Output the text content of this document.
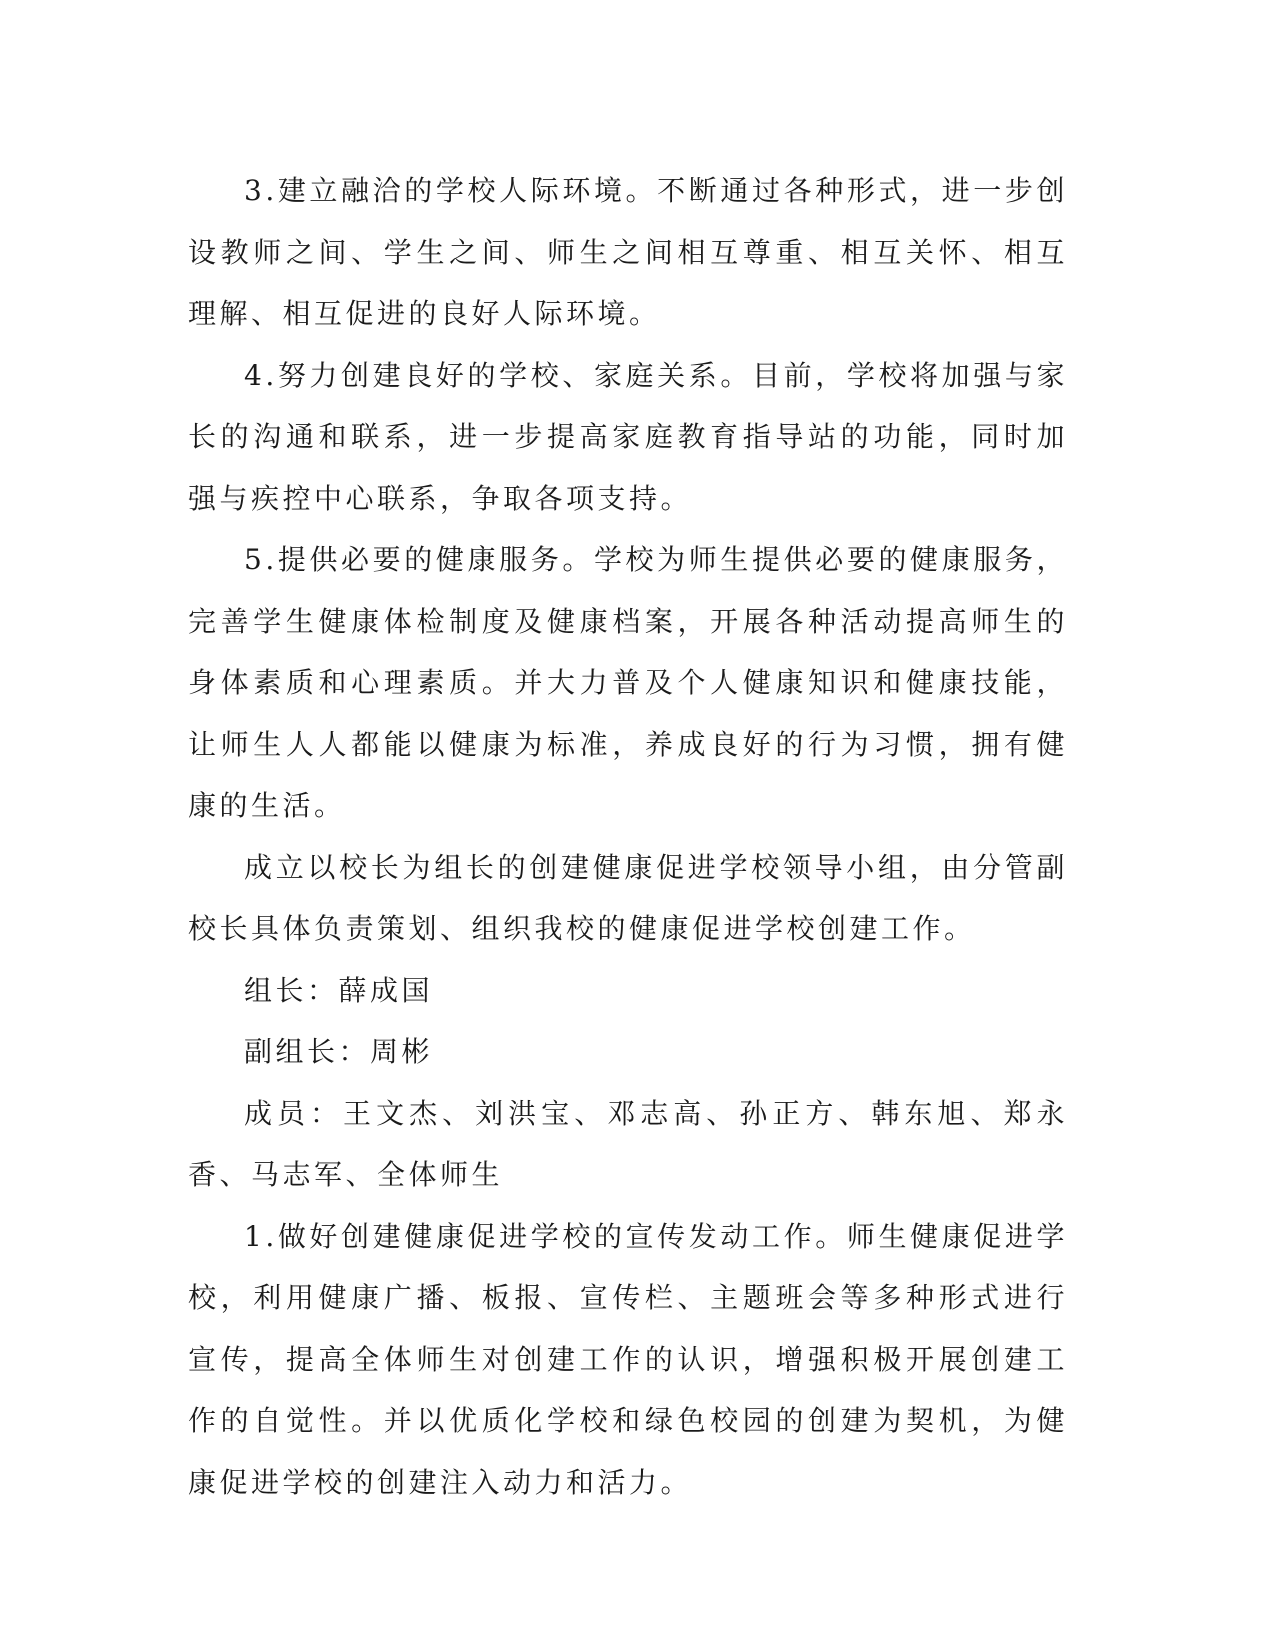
3.建立融洽的学校人际环境。不断通过各种形式，进一步创设教师之间、学生之间、师生之间相互尊重、相互关怀、相互理解、相互促进的良好人际环境。

4.努力创建良好的学校、家庭关系。目前，学校将加强与家长的沟通和联系，进一步提高家庭教育指导站的功能，同时加强与疾控中心联系，争取各项支持。

5.提供必要的健康服务。学校为师生提供必要的健康服务，完善学生健康体检制度及健康档案，开展各种活动提高师生的身体素质和心理素质。并大力普及个人健康知识和健康技能，让师生人人都能以健康为标准，养成良好的行为习惯，拥有健康的生活。

成立以校长为组长的创建健康促进学校领导小组，由分管副校长具体负责策划、组织我校的健康促进学校创建工作。

组长：薛成国

副组长：周彬

成员：王文杰、刘洪宝、邓志高、孙正方、韩东旭、郑永香、马志军、全体师生

1.做好创建健康促进学校的宣传发动工作。师生健康促进学校，利用健康广播、板报、宣传栏、主题班会等多种形式进行宣传，提高全体师生对创建工作的认识，增强积极开展创建工作的自觉性。并以优质化学校和绿色校园的创建为契机，为健康促进学校的创建注入动力和活力。
